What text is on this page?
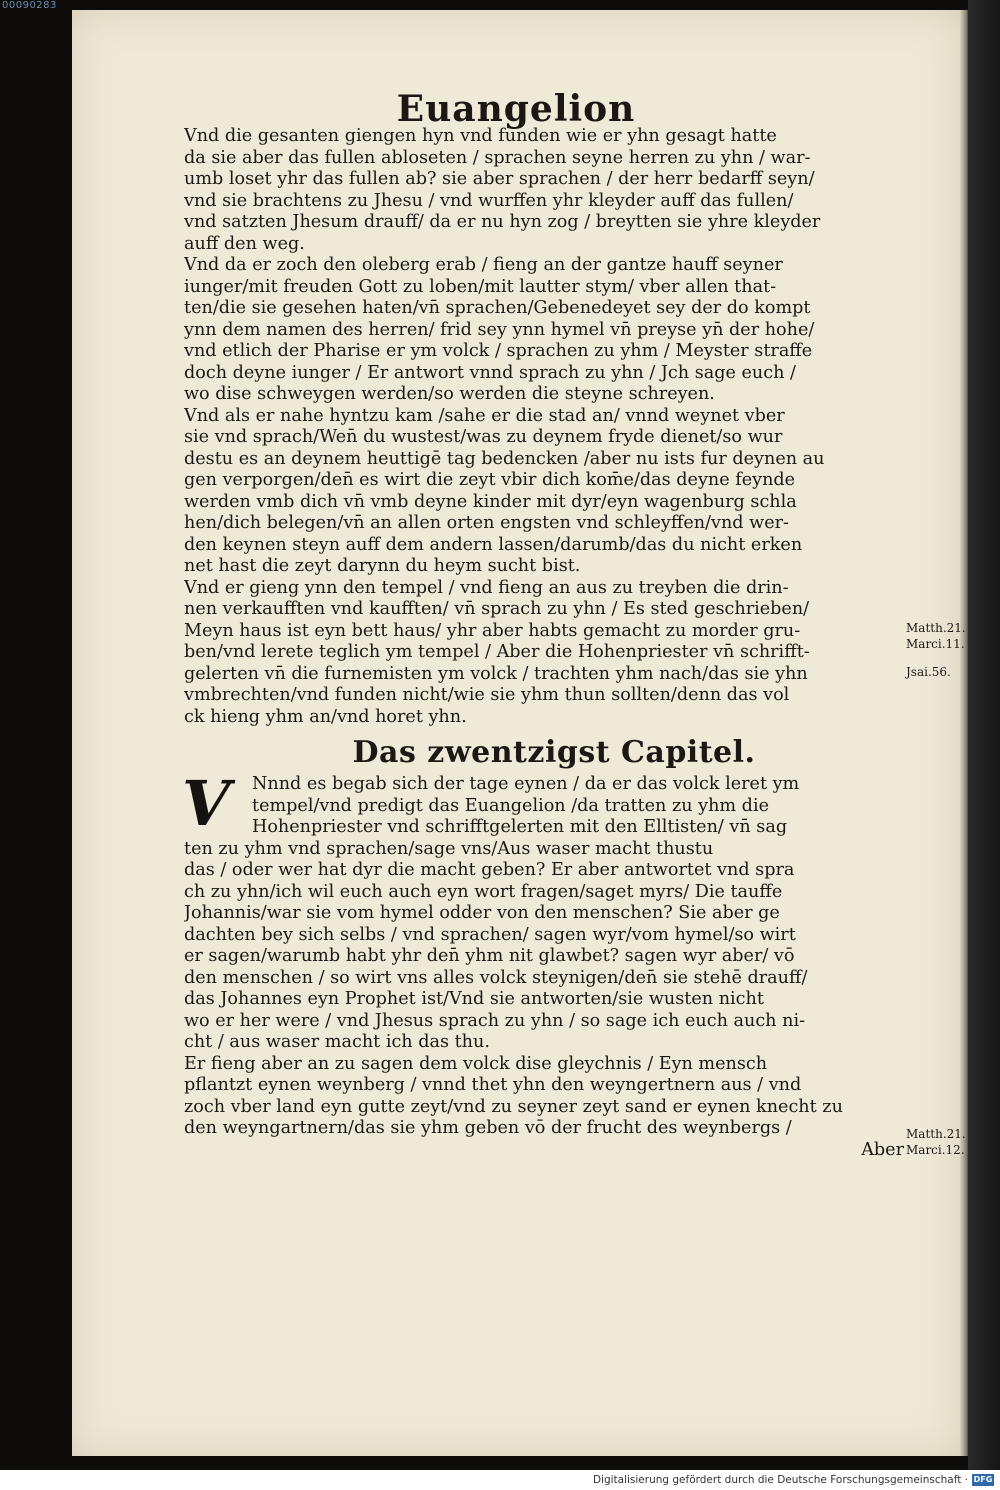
00090283
Euangelion
Vnd die gesanten giengen hyn vnd funden wie er yhn gesagt hatte
da sie aber das fullen abloseten / sprachen seyne herren zu yhn / war-
umb loset yhr das fullen ab? sie aber sprachen / der herr bedarff seyn/
vnd sie brachtens zu Jhesu / vnd wurffen yhr kleyder auff das fullen/
vnd satzten Jhesum drauff/ da er nu hyn zog / breytten sie yhre kleyder
auff den weg.
Vnd da er zoch den oleberg erab / fieng an der gantze hauff seyner
iunger/mit freuden Gott zu loben/mit lautter stym/ vber allen that-
ten/die sie gesehen haten/vn̄ sprachen/Gebenedeyet sey der do kompt
ynn dem namen des herren/ frid sey ynn hymel vn̄ preyse yn̄ der hohe/
vnd etlich der Pharise er ym volck / sprachen zu yhm / Meyster straffe
doch deyne iunger / Er antwort vnnd sprach zu yhn / Jch sage euch /
wo dise schweygen werden/so werden die steyne schreyen.
Vnd als er nahe hyntzu kam /sahe er die stad an/ vnnd weynet vber
sie vnd sprach/Wen̄ du wustest/was zu deynem fryde dienet/so wur
destu es an deynem heuttigē tag bedencken /aber nu ists fur deynen au
gen verporgen/den̄ es wirt die zeyt vbir dich kom̄e/das deyne feynde
werden vmb dich vn̄ vmb deyne kinder mit dyr/eyn wagenburg schla
hen/dich belegen/vn̄ an allen orten engsten vnd schleyffen/vnd wer-
den keynen steyn auff dem andern lassen/darumb/das du nicht erken
net hast die zeyt darynn du heym sucht bist.
Vnd er gieng ynn den tempel / vnd fieng an aus zu treyben die drin-
nen verkaufften vnd kaufften/ vn̄ sprach zu yhn / Es sted geschrieben/
Meyn haus ist eyn bett haus/ yhr aber habts gemacht zu morder gru-
ben/vnd lerete teglich ym tempel / Aber die Hohenpriester vn̄ schrifft-
gelerten vn̄ die furnemisten ym volck / trachten yhm nach/das sie yhn
vmbrechten/vnd funden nicht/wie sie yhm thun sollten/denn das vol
ck hieng yhm an/vnd horet yhn.
Das zwentzigst Capitel.
V	Nnnd es begab sich der tage eynen / da er das volck leret ym
tempel/vnd predigt das Euangelion /da tratten zu yhm die
Hohenpriester vnd schrifftgelerten mit den Elltisten/ vn̄ sag
ten zu yhm vnd sprachen/sage vns/Aus waser macht thustu
das / oder wer hat dyr die macht geben? Er aber antwortet vnd spra
ch zu yhn/ich wil euch auch eyn wort fragen/saget myrs/ Die tauffe
Johannis/war sie vom hymel odder von den menschen? Sie aber ge
dachten bey sich selbs / vnd sprachen/ sagen wyr/vom hymel/so wirt
er sagen/warumb habt yhr den̄ yhm nit glawbet? sagen wyr aber/ vō
den menschen / so wirt vns alles volck steynigen/den̄ sie stehē drauff/
das Johannes eyn Prophet ist/Vnd sie antworten/sie wusten nicht
wo er her were / vnd Jhesus sprach zu yhn / so sage ich euch auch ni-
cht / aus waser macht ich das thu.
Er fieng aber an zu sagen dem volck dise gleychnis / Eyn mensch
pflantzt eynen weynberg / vnnd thet yhn den weyngertnern aus / vnd
zoch vber land eyn gutte zeyt/vnd zu seyner zeyt sand er eynen knecht zu
den weyngartnern/das sie yhm geben vō der frucht des weynbergs /
Aber
Matth.21.
Marci.11.
Jsai.56.
Matth.21.
Marci.12.
Digitalisierung gefördert durch die Deutsche Forschungsgemeinschaft · DFG
